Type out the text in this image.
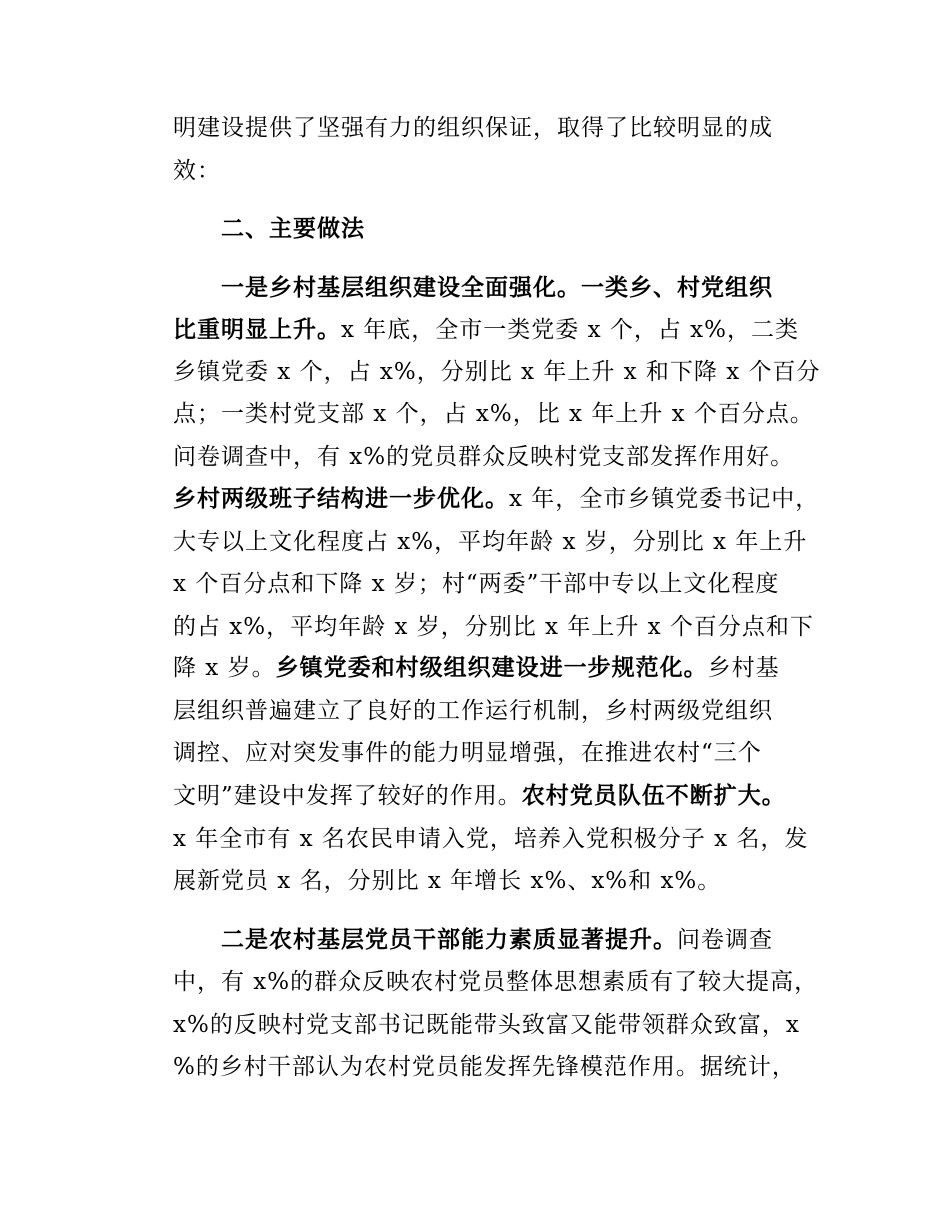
明建设提供了坚强有力的组织保证，取得了比较明显的成
效：
二、主要做法
一是乡村基层组织建设全面强化。一类乡、村党组织
比重明显上升。x 年底，全市一类党委 x 个，占 x%，二类
乡镇党委 x 个，占 x%，分别比 x 年上升 x 和下降 x 个百分
点；一类村党支部 x 个，占 x%，比 x 年上升 x 个百分点。
问卷调查中，有 x%的党员群众反映村党支部发挥作用好。
乡村两级班子结构进一步优化。x 年，全市乡镇党委书记中，
大专以上文化程度占 x%，平均年龄 x 岁，分别比 x 年上升
x 个百分点和下降 x 岁；村“两委”干部中专以上文化程度
的占 x%，平均年龄 x 岁，分别比 x 年上升 x 个百分点和下
降 x 岁。乡镇党委和村级组织建设进一步规范化。乡村基
层组织普遍建立了良好的工作运行机制，乡村两级党组织
调控、应对突发事件的能力明显增强，在推进农村“三个
文明”建设中发挥了较好的作用。农村党员队伍不断扩大。
x 年全市有 x 名农民申请入党，培养入党积极分子 x 名，发
展新党员 x 名，分别比 x 年增长 x%、x%和 x%。
二是农村基层党员干部能力素质显著提升。问卷调查
中，有 x%的群众反映农村党员整体思想素质有了较大提高，
x%的反映村党支部书记既能带头致富又能带领群众致富，x
%的乡村干部认为农村党员能发挥先锋模范作用。据统计，
